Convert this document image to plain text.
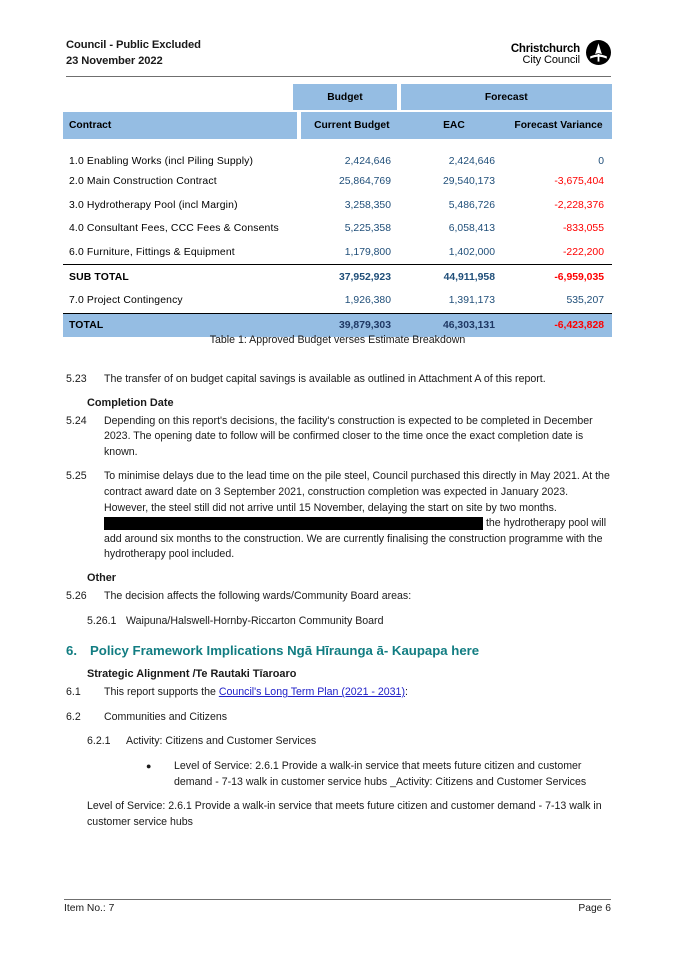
Council - Public Excluded
23 November 2022
Christchurch
City Council
Budget	Forecast
Contract	Current Budget	EAC	Forecast Variance
1.0 Enabling Works (incl Piling Supply)	2,424,646	2,424,646	0
2.0 Main Construction Contract	25,864,769	29,540,173	-3,675,404
3.0 Hydrotherapy Pool (incl Margin)	3,258,350	5,486,726	-2,228,376
4.0 Consultant Fees, CCC Fees & Consents	5,225,358	6,058,413	-833,055
6.0 Furniture, Fittings & Equipment	1,179,800	1,402,000	-222,200
SUB TOTAL	37,952,923	44,911,958	-6,959,035
7.0 Project Contingency	1,926,380	1,391,173	535,207
TOTAL	39,879,303	46,303,131	-6,423,828
Table 1: Approved Budget verses Estimate Breakdown
5.23	The transfer of on budget capital savings is available as outlined in Attachment A of this report.
Completion Date
5.24	Depending on this report's decisions, the facility's construction is expected to be completed in December 2023. The opening date to follow will be confirmed closer to the time once the exact completion date is known.
5.25	To minimise delays due to the lead time on the pile steel, Council purchased this directly in May 2021. At the contract award date on 3 September 2021, construction completion was expected in January 2023. However, the steel still did not arrive until 15 November, delaying the start on site by two months.  the hydrotherapy pool will add around six months to the construction. We are currently finalising the construction programme with the hydrotherapy pool included.
Other
5.26	The decision affects the following wards/Community Board areas:
5.26.1 Waipuna/Halswell-Hornby-Riccarton Community Board
6. Policy Framework Implications Ngā Hīraunga ā- Kaupapa here
Strategic Alignment /Te Rautaki Tīaroaro
6.1	This report supports the Council's Long Term Plan (2021 - 2031):
6.2	Communities and Citizens
6.2.1	Activity: Citizens and Customer Services
●	Level of Service: 2.6.1 Provide a walk-in service that meets future citizen and customer demand - 7-13 walk in customer service hubs _Activity: Citizens and Customer Services
Level of Service: 2.6.1 Provide a walk-in service that meets future citizen and customer demand - 7-13 walk in customer service hubs
Item No.: 7	Page 6
